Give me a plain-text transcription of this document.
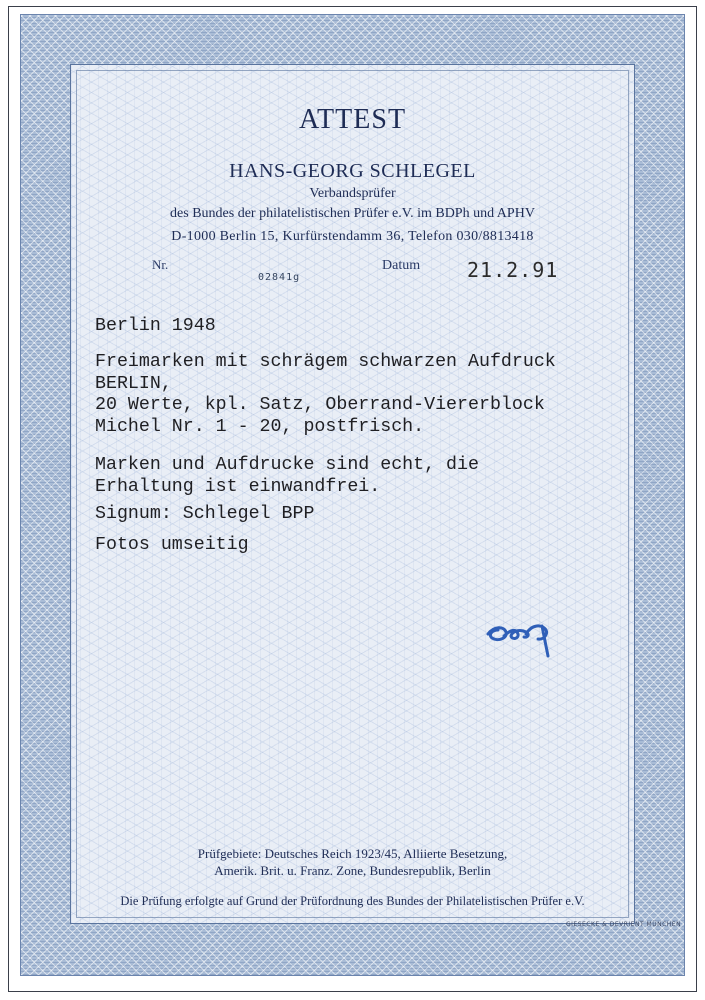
ATTEST
HANS-GEORG SCHLEGEL
Verbandsprüfer
des Bundes der philatelistischen Prüfer e.V. im BDPh und APHV
D-1000 Berlin 15, Kurfürstendamm 36, Telefon 030/8813418
Nr.
02841g
Datum 21.2.91
Berlin 1948
Freimarken mit schrägem schwarzen Aufdruck
BERLIN,
20 Werte, kpl. Satz, Oberrand-Viererblock
Michel Nr. 1 - 20, postfrisch.
Marken und Aufdrucke sind echt, die
Erhaltung ist einwandfrei.
Signum: Schlegel BPP
Fotos umseitig
Prüfgebiete: Deutsches Reich 1923/45, Alliierte Besetzung,
Amerik. Brit. u. Franz. Zone, Bundesrepublik, Berlin
Die Prüfung erfolgte auf Grund der Prüfordnung des Bundes der Philatelistischen Prüfer e.V.
GIESECKE & DEVRIENT MÜNCHEN
